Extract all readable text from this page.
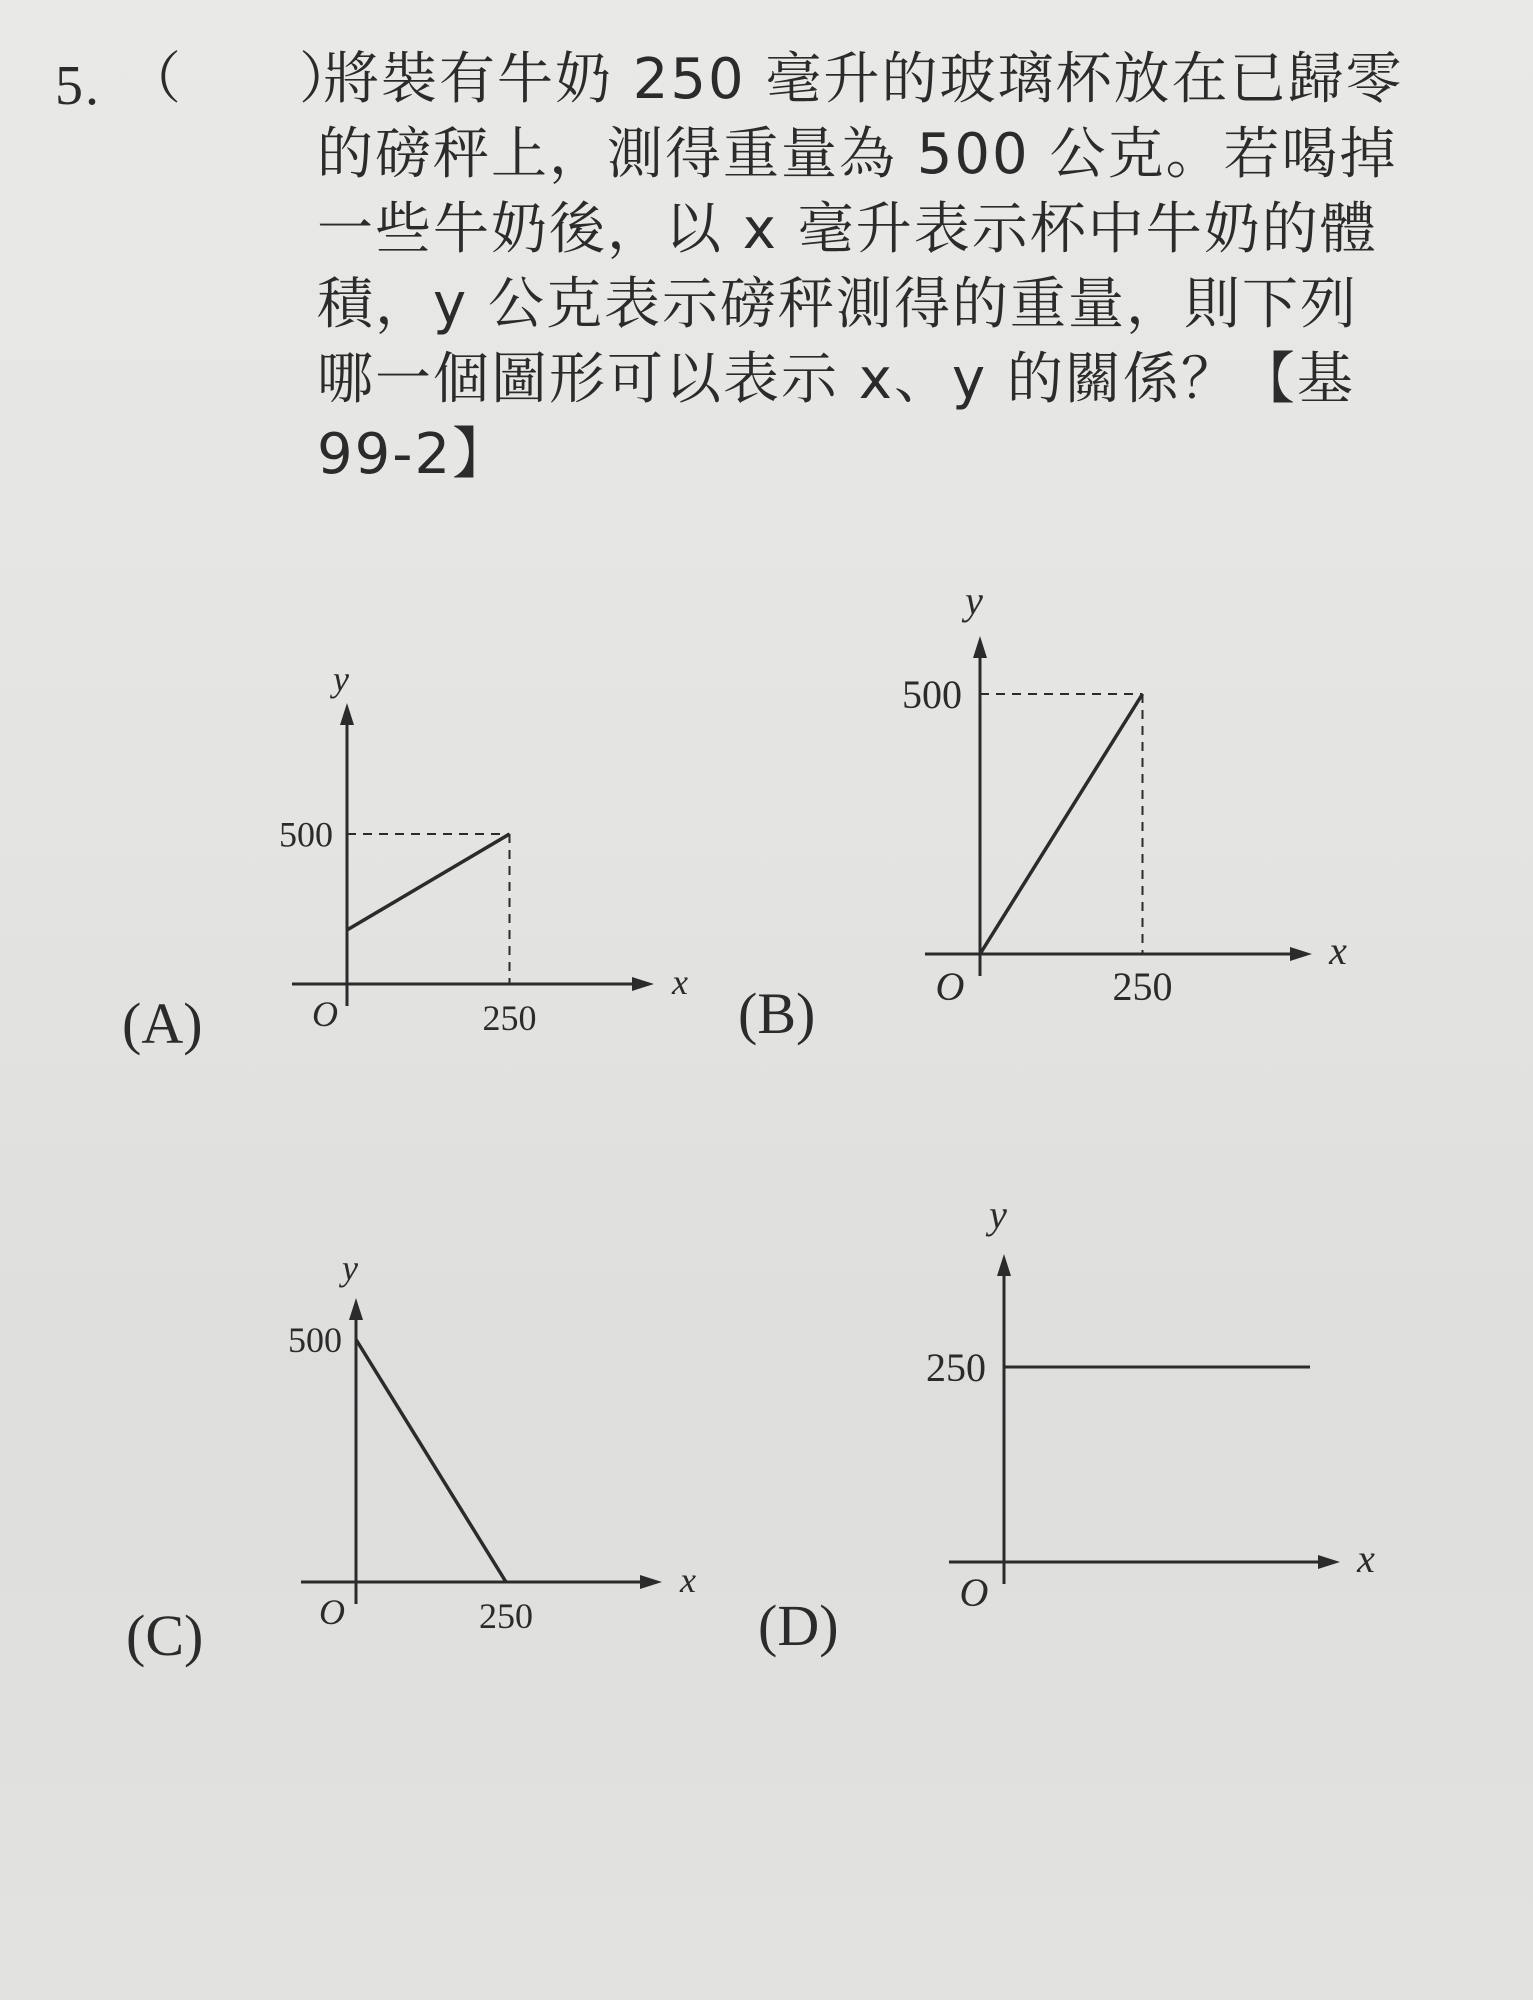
5. （　　）
將裝有牛奶 250 毫升的玻璃杯放在已歸零
的磅秤上，測得重量為 500 公克。若喝掉
一些牛奶後，以 x 毫升表示杯中牛奶的體
積，y 公克表示磅秤測得的重量，則下列
哪一個圖形可以表示 x、y 的關係？【基
99-2】
(A)	(B)
(C)	(D)
x
y
O	250
500
x
y
O	250
500
x
y
O	250
500
x
y
O
250
